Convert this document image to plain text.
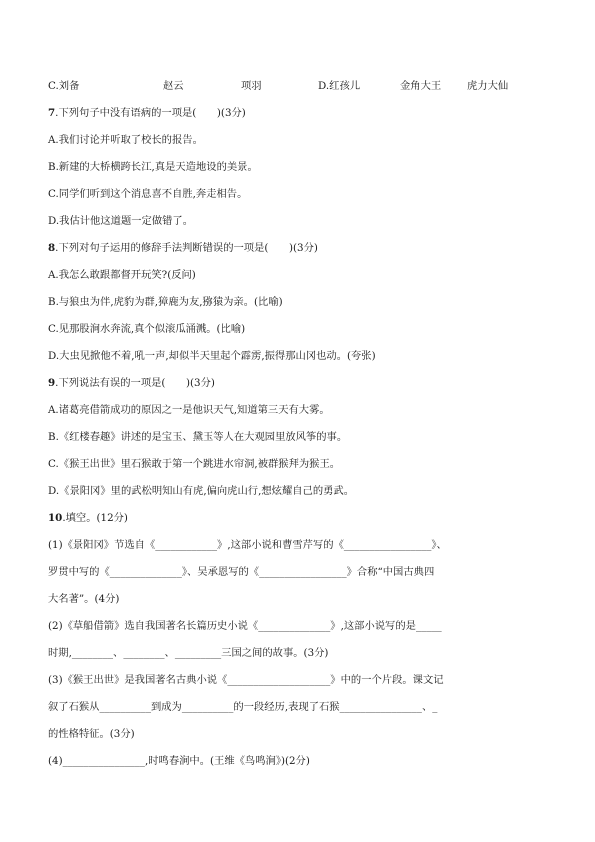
C.刘备	赵云	项羽	D.红孩儿	金角大王	虎力大仙
7.下列句子中没有语病的一项是(　　)(3分)
A.我们讨论并听取了校长的报告。
B.新建的大桥横跨长江,真是天造地设的美景。
C.同学们听到这个消息喜不自胜,奔走相告。
D.我估计他这道题一定做错了。
8.下列对句子运用的修辞手法判断错误的一项是(　　)(3分)
A.我怎么敢跟都督开玩笑?(反问)
B.与狼虫为伴,虎豹为群,獐鹿为友,猕猿为亲。(比喻)
C.见那股涧水奔流,真个似滚瓜涌溅。(比喻)
D.大虫见掀他不着,吼一声,却似半天里起个霹雳,振得那山冈也动。(夸张)
9.下列说法有误的一项是(　　)(3分)
A.诸葛亮借箭成功的原因之一是他识天气,知道第三天有大雾。
B.《红楼春趣》讲述的是宝玉、黛玉等人在大观园里放风筝的事。
C.《猴王出世》里石猴敢于第一个跳进水帘洞,被群猴拜为猴王。
D.《景阳冈》里的武松明知山有虎,偏向虎山行,想炫耀自己的勇武。
10.填空。(12分)
(1)《景阳冈》节选自《____________》,这部小说和曹雪芹写的《_________________》、
罗贯中写的《______________》、吴承恩写的《_________________》合称“中国古典四
大名著”。(4分)
(2)《草船借箭》选自我国著名长篇历史小说《______________》,这部小说写的是_____
时期,________、________、_________三国之间的故事。(3分)
(3)《猴王出世》是我国著名古典小说《____________________》中的一个片段。课文记
叙了石猴从__________到成为__________的一段经历,表现了石猴________________、_
的性格特征。(3分)
(4)________________,时鸣春涧中。(王维《鸟鸣涧》)(2分)
